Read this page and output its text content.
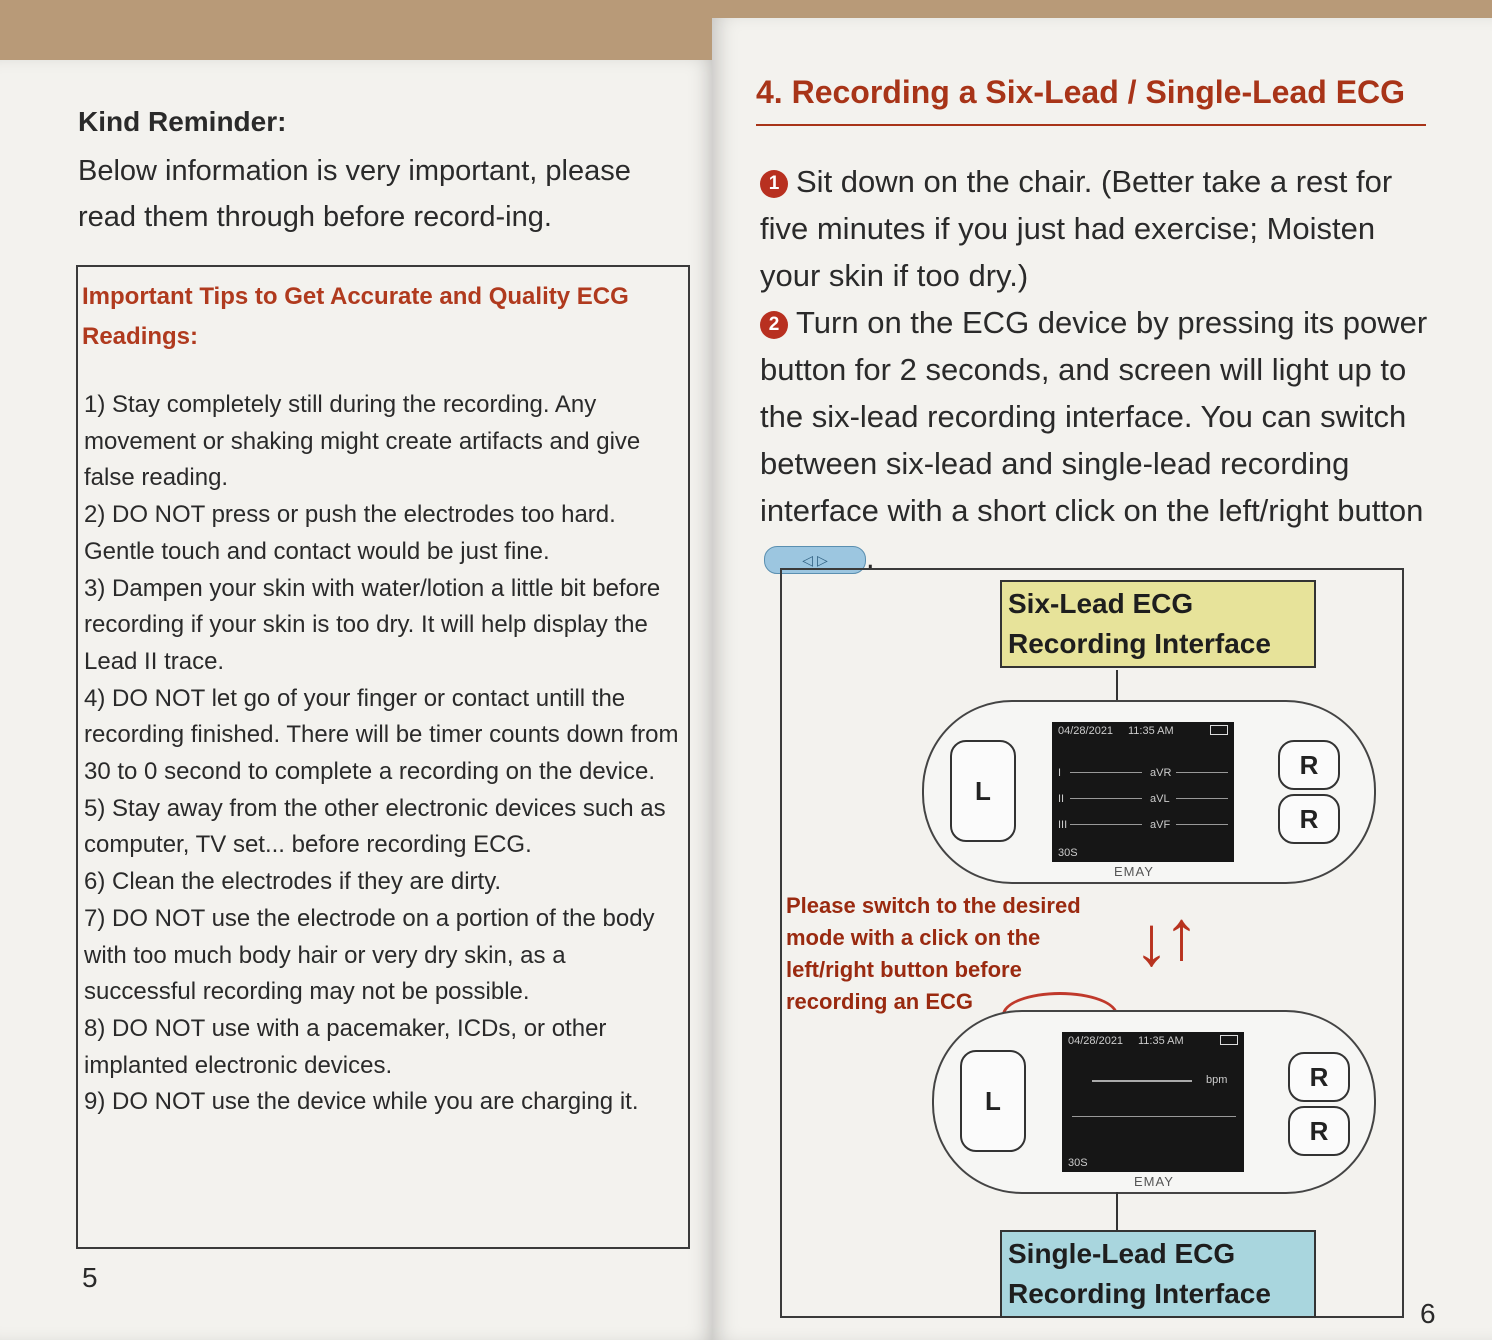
Kind Reminder:
Below information is very important, please read them through before record-ing.
Important Tips to Get Accurate and Quality ECG Readings:
1) Stay completely still during the recording. Any movement or shaking might create artifacts and give false reading.
2) DO NOT press or push the electrodes too hard. Gentle touch and contact would be just fine.
3) Dampen your skin with water/lotion a little bit before recording if your skin is too dry. It will help display the Lead II trace.
4) DO NOT let go of your finger or contact untill the recording finished. There will be timer counts down from 30 to 0 second to complete a recording on the device.
5) Stay away from the other electronic devices such as computer, TV set... before recording ECG.
6) Clean the electrodes if they are dirty.
7) DO NOT use the electrode on a portion of the body with too much body hair or very dry skin, as a successful recording may not be possible.
8) DO NOT use with a pacemaker, ICDs, or other implanted electronic devices.
9) DO NOT use the device while you are charging it.
5
4. Recording a Six-Lead / Single-Lead ECG
1 Sit down on the chair. (Better take a rest for five minutes if you just had exercise; Moisten your skin if too dry.)
2 Turn on the ECG device by pressing its power button for 2 seconds, and screen will light up to the six-lead recording interface. You can switch between six-lead and single-lead recording interface with a short click on the left/right button ◁ ▷ .
Six-Lead ECG Recording Interface
L
04/28/2021 11:35 AM
I
II
III
aVR
aVL
aVF
30S
R
R
EMAY
Please switch to the desired mode with a click on the left/right button before recording an ECG
↓
↑
L
04/28/2021 11:35 AM
bpm
30S
R
R
EMAY
Single-Lead ECG Recording Interface
6
